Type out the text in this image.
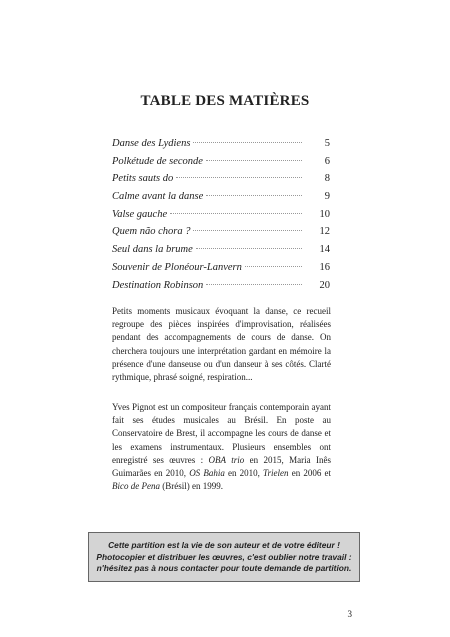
TABLE DES MATIÈRES
Danse des Lydiens	5
Polkétude de seconde	6
Petits sauts do	8
Calme avant la danse	9
Valse gauche	10
Quem não chora ?	12
Seul dans la brume	14
Souvenir de Plonéour-Lanvern	16
Destination Robinson	20

Petits moments musicaux évoquant la danse, ce recueil regroupe des pièces inspirées d'improvisation, réalisées pendant des accompagnements de cours de danse. On cherchera toujours une interprétation gardant en mémoire la présence d'une danseuse ou d'un danseur à ses côtés. Clarté rythmique, phrasé soigné, respiration...

Yves Pignot est un compositeur français contemporain ayant fait ses études musicales au Brésil. En poste au Conservatoire de Brest, il accompagne les cours de danse et les examens instrumentaux. Plusieurs ensembles ont enregistré ses œuvres : OBA trio en 2015, Maria Inês Guimarães en 2010, OS Bahia en 2010, Trielen en 2006 et Bico de Pena (Brésil) en 1999.

Cette partition est la vie de son auteur et de votre éditeur !
Photocopier et distribuer les œuvres, c'est oublier notre travail :
n'hésitez pas à nous contacter pour toute demande de partition.
3
